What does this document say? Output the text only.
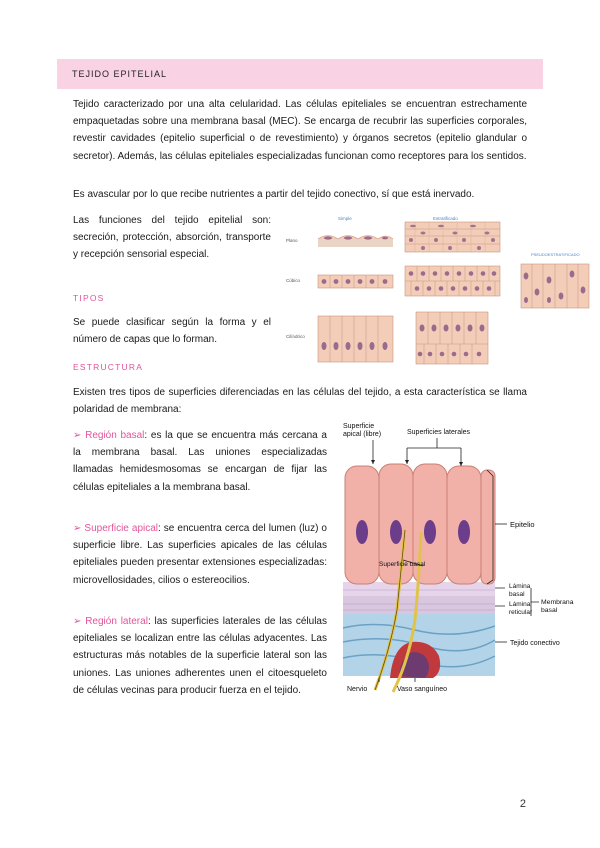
TEJIDO EPITELIAL

Tejido caracterizado por una alta celularidad. Las células epiteliales se encuentran estrechamente empaquetadas sobre una membrana basal (MEC). Se encarga de recubrir las superficies corporales, revestir cavidades (epitelio superficial o de revestimiento) y órganos secretos (epitelio glandular o secretor). Además, las células epiteliales especializadas funcionan como receptores para los sentidos.

Es avascular por lo que recibe nutrientes a partir del tejido conectivo, sí que está inervado.

Las funciones del tejido epitelial son: secreción, protección, absorción, transporte y recepción sensorial especial.

TIPOS

Se puede clasificar según la forma y el número de capas que lo forman.

ESTRUCTURA

Existen tres tipos de superficies diferenciadas en las células del tejido, a esta característica se llama polaridad de membrana:

➢ Región basal: es la que se encuentra más cercana a la membrana basal. Las uniones especializadas llamadas hemidesmosomas se encargan de fijar las células epiteliales a la membrana basal.

➢ Superficie apical: se encuentra cerca del lumen (luz) o superficie libre. Las superficies apicales de las células epiteliales pueden presentar extensiones especializadas: microvellosidades, cilios o estereocilios.

➢ Región lateral: las superficies laterales de las células epiteliales se localizan entre las células adyacentes. Las estructuras más notables de la superficie lateral son las uniones. Las uniones adherentes unen el citoesqueleto de células vecinas para producir fuerza en el tejido.

Simple	Estratificado
PSEUDOESTRATIFICADO
Plano
Cúbico
Cilíndrico
Superficie apical (libre)	Superficies laterales
Epitelio
Superficie basal
Lámina basal
Lámina reticular
Membrana basal
Tejido conectivo
Nervio	Vaso sanguíneo
2
